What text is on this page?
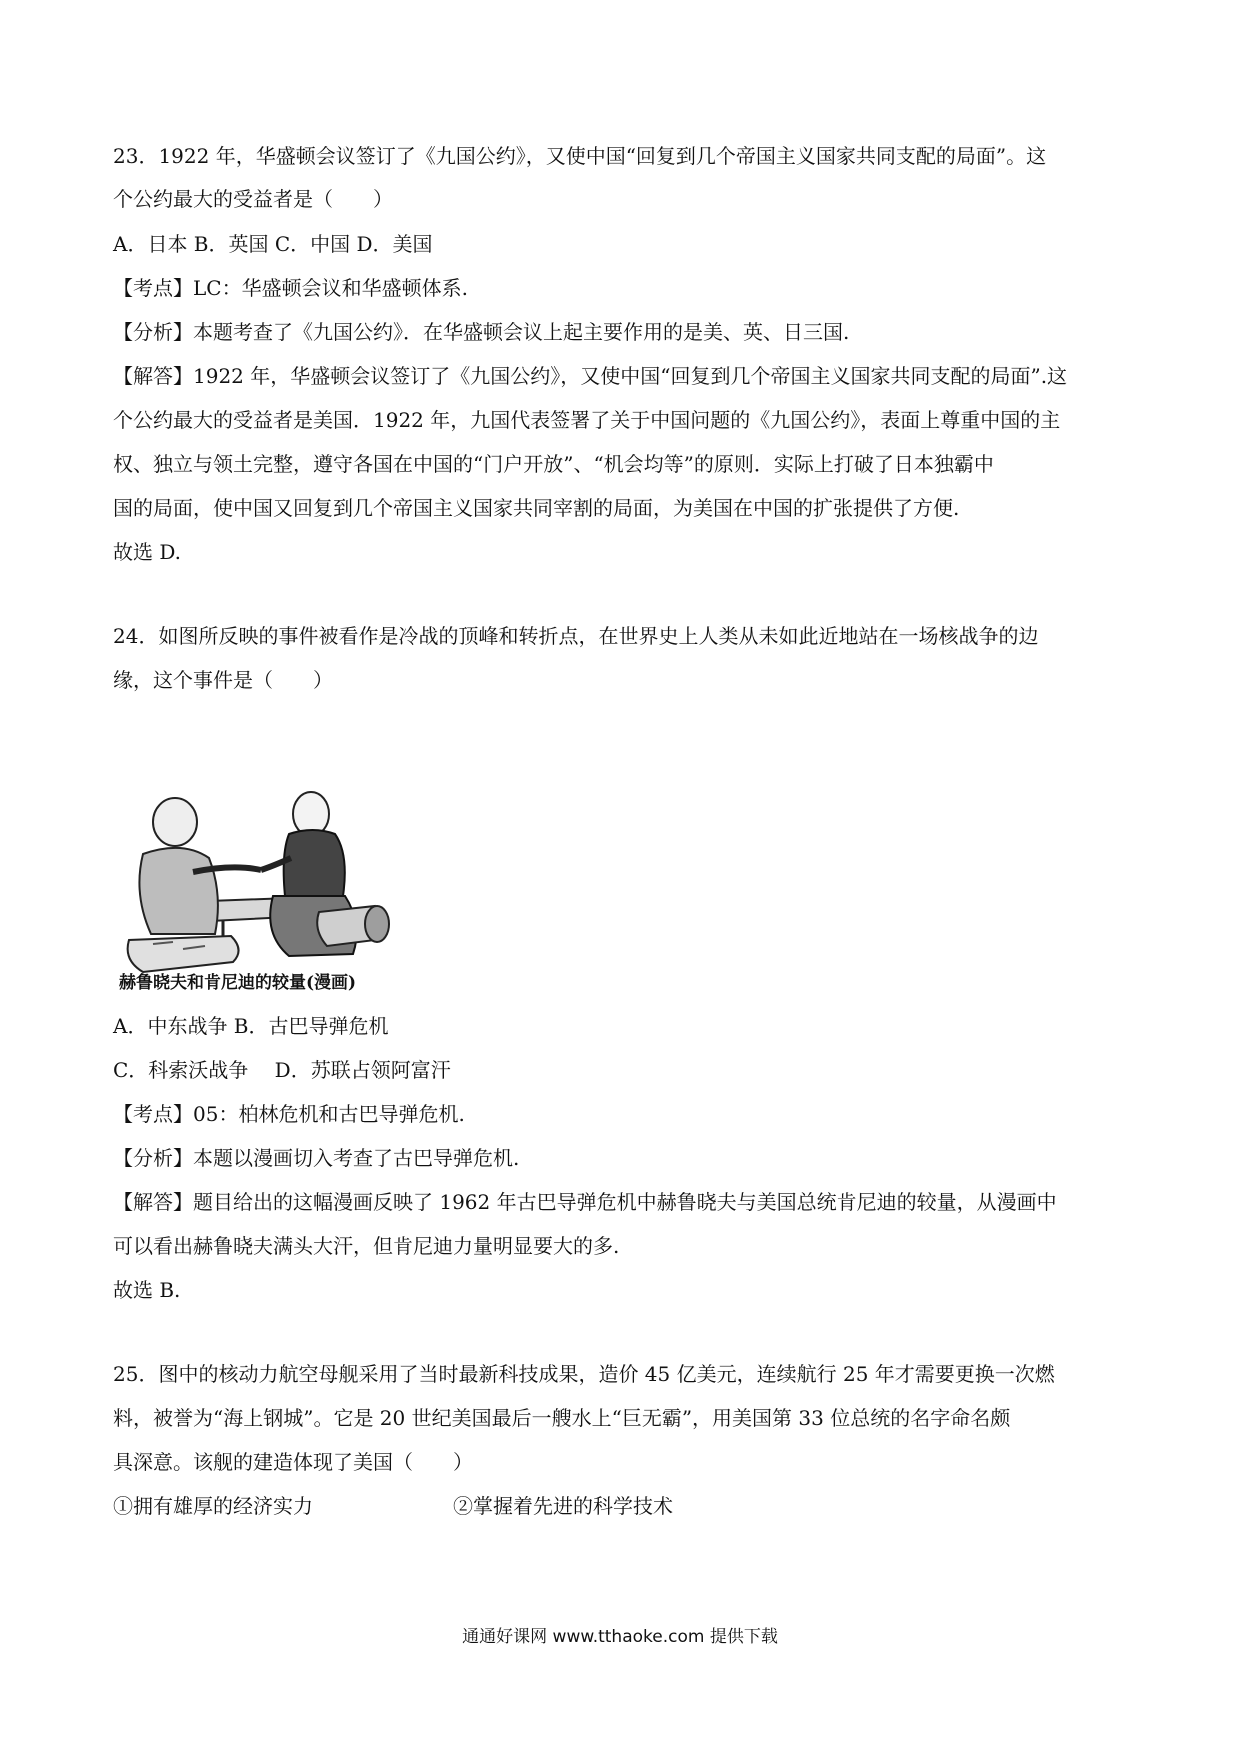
23．1922 年，华盛顿会议签订了《九国公约》，又使中国“回复到几个帝国主义国家共同支配的局面”。这
个公约最大的受益者是（　　）
A．日本 B．英国 C．中国 D．美国
【考点】LC：华盛顿会议和华盛顿体系.
【分析】本题考查了《九国公约》．在华盛顿会议上起主要作用的是美、英、日三国.
【解答】1922 年，华盛顿会议签订了《九国公约》，又使中国“回复到几个帝国主义国家共同支配的局面”.这
个公约最大的受益者是美国．1922 年，九国代表签署了关于中国问题的《九国公约》，表面上尊重中国的主
权、独立与领土完整，遵守各国在中国的“门户开放”、“机会均等”的原则．实际上打破了日本独霸中
国的局面，使中国又回复到几个帝国主义国家共同宰割的局面，为美国在中国的扩张提供了方便.
故选 D.
24．如图所反映的事件被看作是冷战的顶峰和转折点，在世界史上人类从未如此近地站在一场核战争的边
缘，这个事件是（　　）
赫鲁晓夫和肯尼迪的较量(漫画)
A．中东战争 B．古巴导弹危机
C．科索沃战争　 D．苏联占领阿富汗
【考点】05：柏林危机和古巴导弹危机.
【分析】本题以漫画切入考查了古巴导弹危机.
【解答】题目给出的这幅漫画反映了 1962 年古巴导弹危机中赫鲁晓夫与美国总统肯尼迪的较量，从漫画中
可以看出赫鲁晓夫满头大汗，但肯尼迪力量明显要大的多.
故选 B.
25．图中的核动力航空母舰采用了当时最新科技成果，造价 45 亿美元，连续航行 25 年才需要更换一次燃
料，被誉为“海上钢城”。它是 20 世纪美国最后一艘水上“巨无霸”，用美国第 33 位总统的名字命名颇
具深意。该舰的建造体现了美国（　　）
①拥有雄厚的经济实力	②掌握着先进的科学技术
通通好课网 www.tthaoke.com 提供下载
